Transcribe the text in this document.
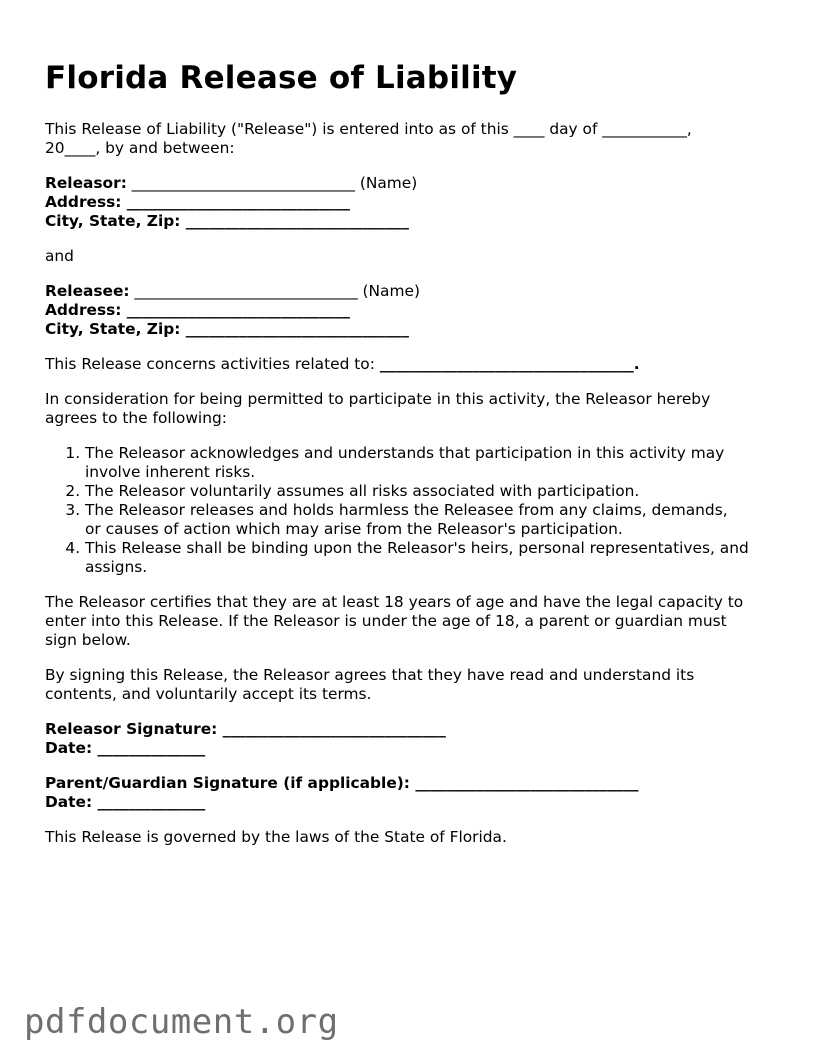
Florida Release of Liability

This Release of Liability ("Release") is entered into as of this ____ day of ___________,

20____, by and between:

Releasor: _____________________________ (Name)
Address: _____________________________
City, State, Zip: _____________________________

and

Releasee: _____________________________ (Name)
Address: _____________________________
City, State, Zip: _____________________________

This Release concerns activities related to: _________________________________.

In consideration for being permitted to participate in this activity, the Releasor hereby

agrees to the following:

1. The Releasor acknowledges and understands that participation in this activity may
involve inherent risks.
2. The Releasor voluntarily assumes all risks associated with participation.
3. The Releasor releases and holds harmless the Releasee from any claims, demands,
or causes of action which may arise from the Releasor's participation.
4. This Release shall be binding upon the Releasor's heirs, personal representatives, and
assigns.

The Releasor certifies that they are at least 18 years of age and have the legal capacity to

enter into this Release. If the Releasor is under the age of 18, a parent or guardian must

sign below.

By signing this Release, the Releasor agrees that they have read and understand its

contents, and voluntarily accept its terms.

Releasor Signature: _____________________________
Date: ______________
Parent/Guardian Signature (if applicable): _____________________________
Date: ______________

This Release is governed by the laws of the State of Florida.

pdfdocument.org
